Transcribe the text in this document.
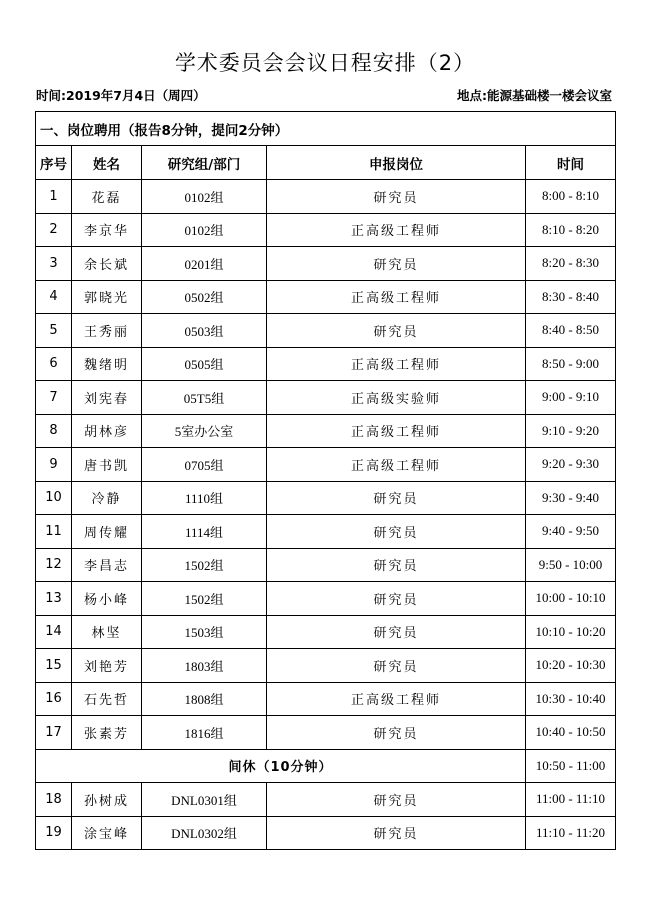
学术委员会会议日程安排（2）
时间:2019年7月4日（周四）	地点:能源基础楼一楼会议室
一、岗位聘用（报告8分钟，提问2分钟）				
序号	姓名	研究组/部门	申报岗位	时间
1	花磊	0102组	研究员	8:00 - 8:10
2	李京华	0102组	正高级工程师	8:10 - 8:20
3	余长斌	0201组	研究员	8:20 - 8:30
4	郭晓光	0502组	正高级工程师	8:30 - 8:40
5	王秀丽	0503组	研究员	8:40 - 8:50
6	魏绪明	0505组	正高级工程师	8:50 - 9:00
7	刘宪春	05T5组	正高级实验师	9:00 - 9:10
8	胡林彦	5室办公室	正高级工程师	9:10 - 9:20
9	唐书凯	0705组	正高级工程师	9:20 - 9:30
10	冷静	1110组	研究员	9:30 - 9:40
11	周传耀	1114组	研究员	9:40 - 9:50
12	李昌志	1502组	研究员	9:50 - 10:00
13	杨小峰	1502组	研究员	10:00 - 10:10
14	林坚	1503组	研究员	10:10 - 10:20
15	刘艳芳	1803组	研究员	10:20 - 10:30
16	石先哲	1808组	正高级工程师	10:30 - 10:40
17	张素芳	1816组	研究员	10:40 - 10:50
间休（10分钟）				10:50 - 11:00
18	孙树成	DNL0301组	研究员	11:00 - 11:10
19	涂宝峰	DNL0302组	研究员	11:10 - 11:20
